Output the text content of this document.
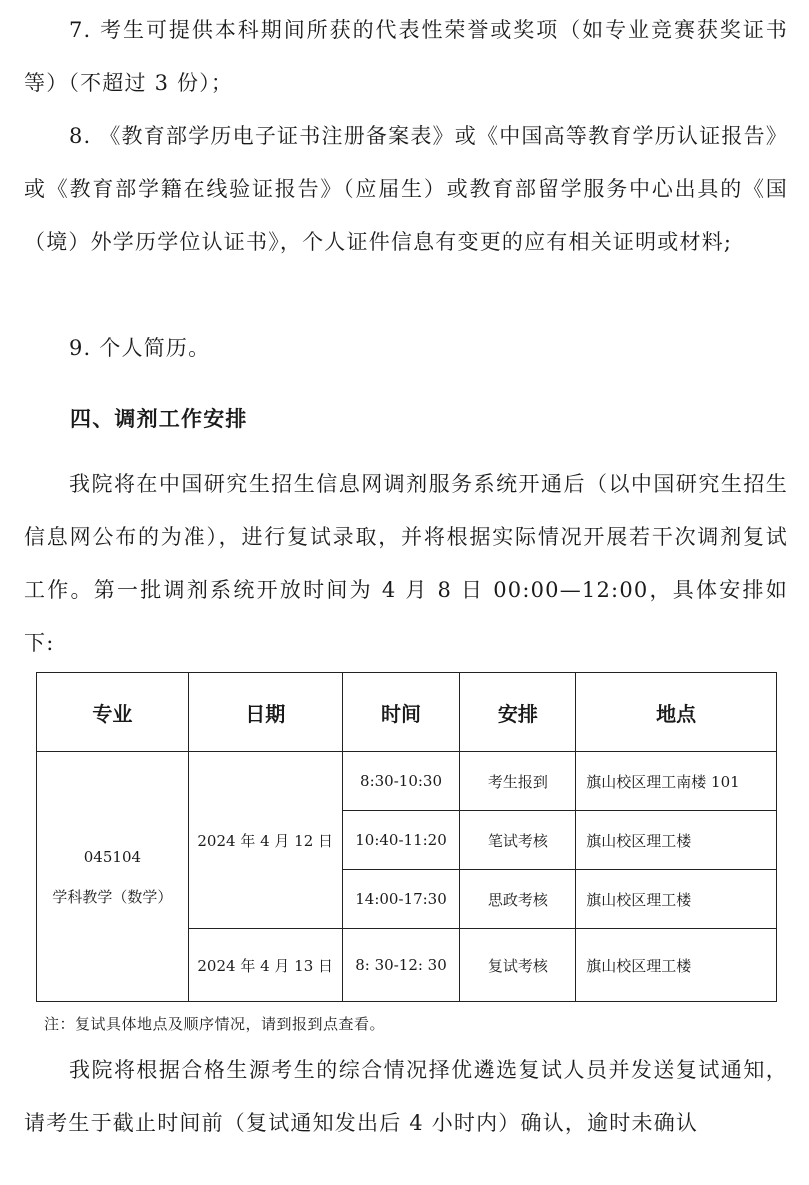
7. 考生可提供本科期间所获的代表性荣誉或奖项（如专业竞赛获奖证书等）（不超过 3 份）；

8. 《教育部学历电子证书注册备案表》或《中国高等教育学历认证报告》或《教育部学籍在线验证报告》（应届生）或教育部留学服务中心出具的《国（境）外学历学位认证书》，个人证件信息有变更的应有相关证明或材料;

9. 个人简历。

四、调剂工作安排

我院将在中国研究生招生信息网调剂服务系统开通后（以中国研究生招生信息网公布的为准），进行复试录取，并将根据实际情况开展若干次调剂复试工作。第一批调剂系统开放时间为 4 月 8 日 00:00—12:00，具体安排如下:

专业	日期	时间	安排	地点

045104
学科教学（数学）	2024 年 4 月 12 日	8:30-10:30	考生报到	旗山校区理工南楼 101
		10:40-11:20	笔试考核	旗山校区理工楼
		14:00-17:30	思政考核	旗山校区理工楼
	2024 年 4 月 13 日	8: 30-12: 30	复试考核	旗山校区理工楼

注：复试具体地点及顺序情况，请到报到点查看。

我院将根据合格生源考生的综合情况择优遴选复试人员并发送复试通知，请考生于截止时间前（复试通知发出后 4 小时内）确认，逾时未确认
